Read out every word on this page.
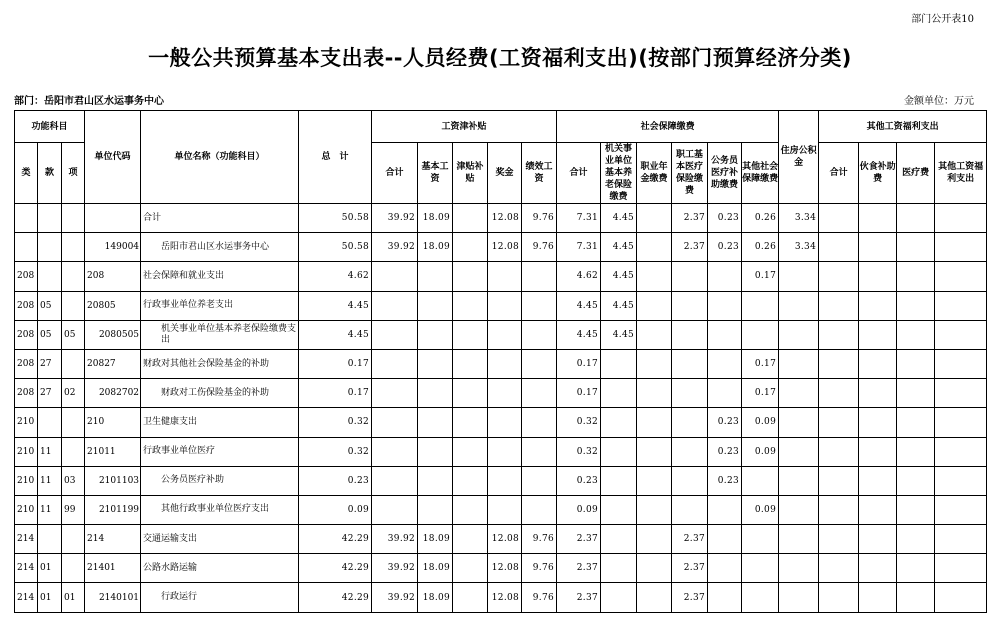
部门公开表10
一般公共预算基本支出表--人员经费(工资福利支出)(按部门预算经济分类)
部门：岳阳市君山区水运事务中心	金额单位：万元
功能科目			单位代码	单位名称（功能科目）	总　计	工资津补贴					社会保障缴费						住房公积金	其他工资福利支出			
类	款	项				合计	基本工资	津贴补贴	奖金	绩效工资	合计	机关事业单位基本养老保险缴费	职业年金缴费	职工基本医疗保险缴费	公务员医疗补助缴费	其他社会保障缴费		合计	伙食补助费	医疗费	其他工资福利支出
				合计	50.58	39.92	18.09		12.08	9.76	7.31	4.45		2.37	0.23	0.26	3.34				
			149004	岳阳市君山区水运事务中心	50.58	39.92	18.09		12.08	9.76	7.31	4.45		2.37	0.23	0.26	3.34				
208			208	社会保障和就业支出	4.62						4.62	4.45				0.17					
208	05		20805	行政事业单位养老支出	4.45						4.45	4.45									
208	05	05	2080505	机关事业单位基本养老保险缴费支出	4.45						4.45	4.45									
208	27		20827	财政对其他社会保险基金的补助	0.17						0.17					0.17					
208	27	02	2082702	财政对工伤保险基金的补助	0.17						0.17					0.17					
210			210	卫生健康支出	0.32						0.32				0.23	0.09					
210	11		21011	行政事业单位医疗	0.32						0.32				0.23	0.09					
210	11	03	2101103	公务员医疗补助	0.23						0.23				0.23						
210	11	99	2101199	其他行政事业单位医疗支出	0.09						0.09					0.09					
214			214	交通运输支出	42.29	39.92	18.09		12.08	9.76	2.37			2.37							
214	01		21401	公路水路运输	42.29	39.92	18.09		12.08	9.76	2.37			2.37							
214	01	01	2140101	行政运行	42.29	39.92	18.09		12.08	9.76	2.37			2.37							
